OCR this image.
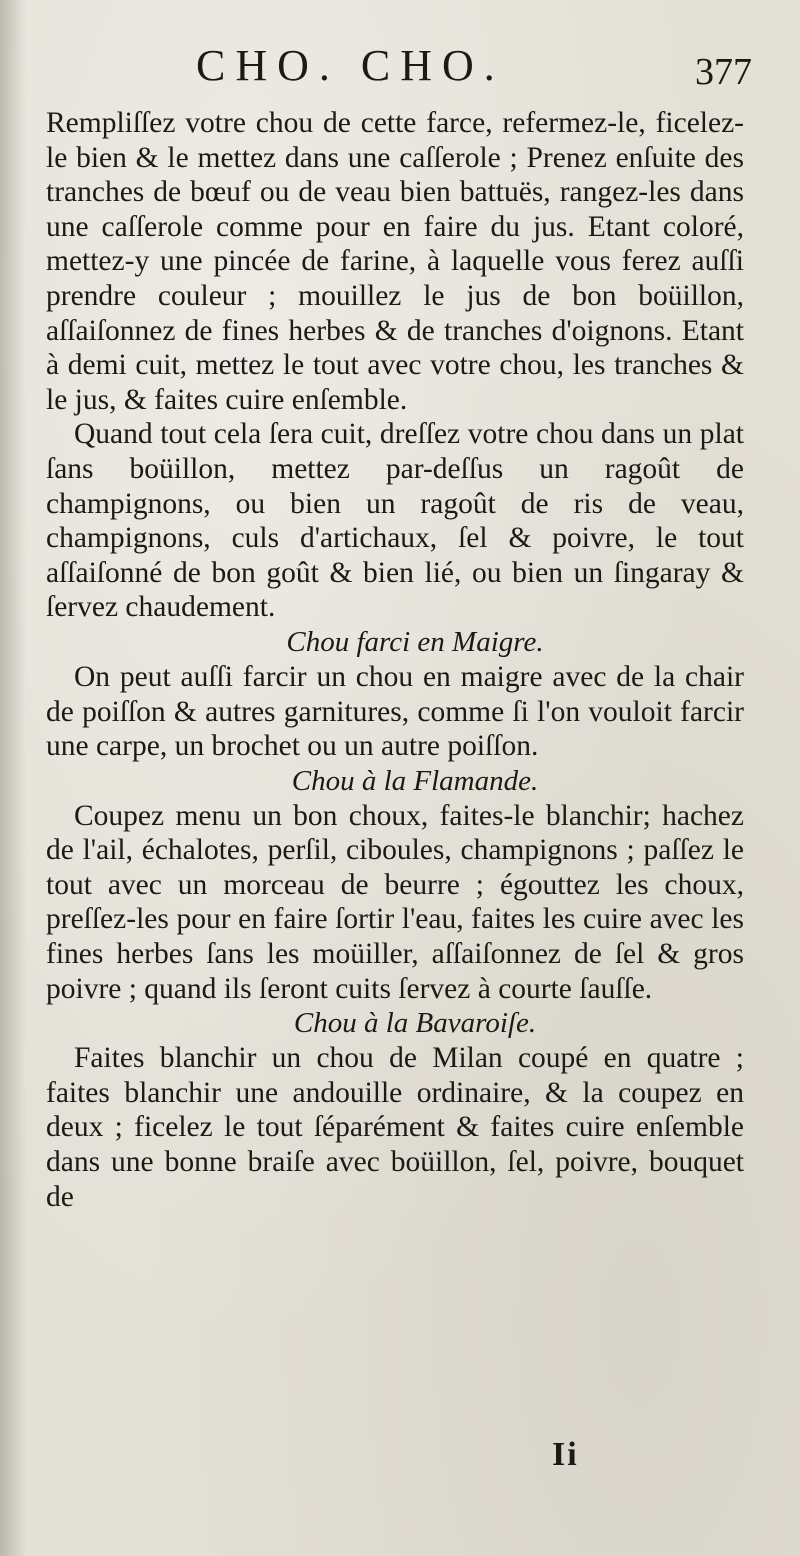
CHO. CHO.	377

Rempliſſez votre chou de cette farce, refermez-le, ficelez-le bien & le mettez dans une caſſerole ; Prenez enſuite des tranches de bœuf ou de veau bien battuës, rangez-les dans une caſſerole comme pour en faire du jus. Etant coloré, mettez-y une pincée de farine, à laquelle vous ferez auſſi prendre couleur ; mouillez le jus de bon boüillon, aſſaiſonnez de fines herbes & de tranches d'oignons. Etant à demi cuit, mettez le tout avec votre chou, les tranches & le jus, & faites cuire enſemble.

Quand tout cela ſera cuit, dreſſez votre chou dans un plat ſans boüillon, mettez par-deſſus un ragoût de champignons, ou bien un ragoût de ris de veau, champignons, culs d'artichaux, ſel & poivre, le tout aſſaiſonné de bon goût & bien lié, ou bien un ſingaray & ſervez chaudement.

Chou farci en Maigre.

On peut auſſi farcir un chou en maigre avec de la chair de poiſſon & autres garnitures, comme ſi l'on vouloit farcir une carpe, un brochet ou un autre poiſſon.

Chou à la Flamande.

Coupez menu un bon choux, faites-le blanchir; hachez de l'ail, échalotes, perſil, ciboules, champignons ; paſſez le tout avec un morceau de beurre ; égouttez les choux, preſſez-les pour en faire ſortir l'eau, faites les cuire avec les fines herbes ſans les moüiller, aſſaiſonnez de ſel & gros poivre ; quand ils ſeront cuits ſervez à courte ſauſſe.

Chou à la Bavaroiſe.

Faites blanchir un chou de Milan coupé en quatre ; faites blanchir une andouille ordinaire, & la coupez en deux ; ficelez le tout ſéparément & faites cuire enſemble dans une bonne braiſe avec boüillon, ſel, poivre, bouquet de

Ii
